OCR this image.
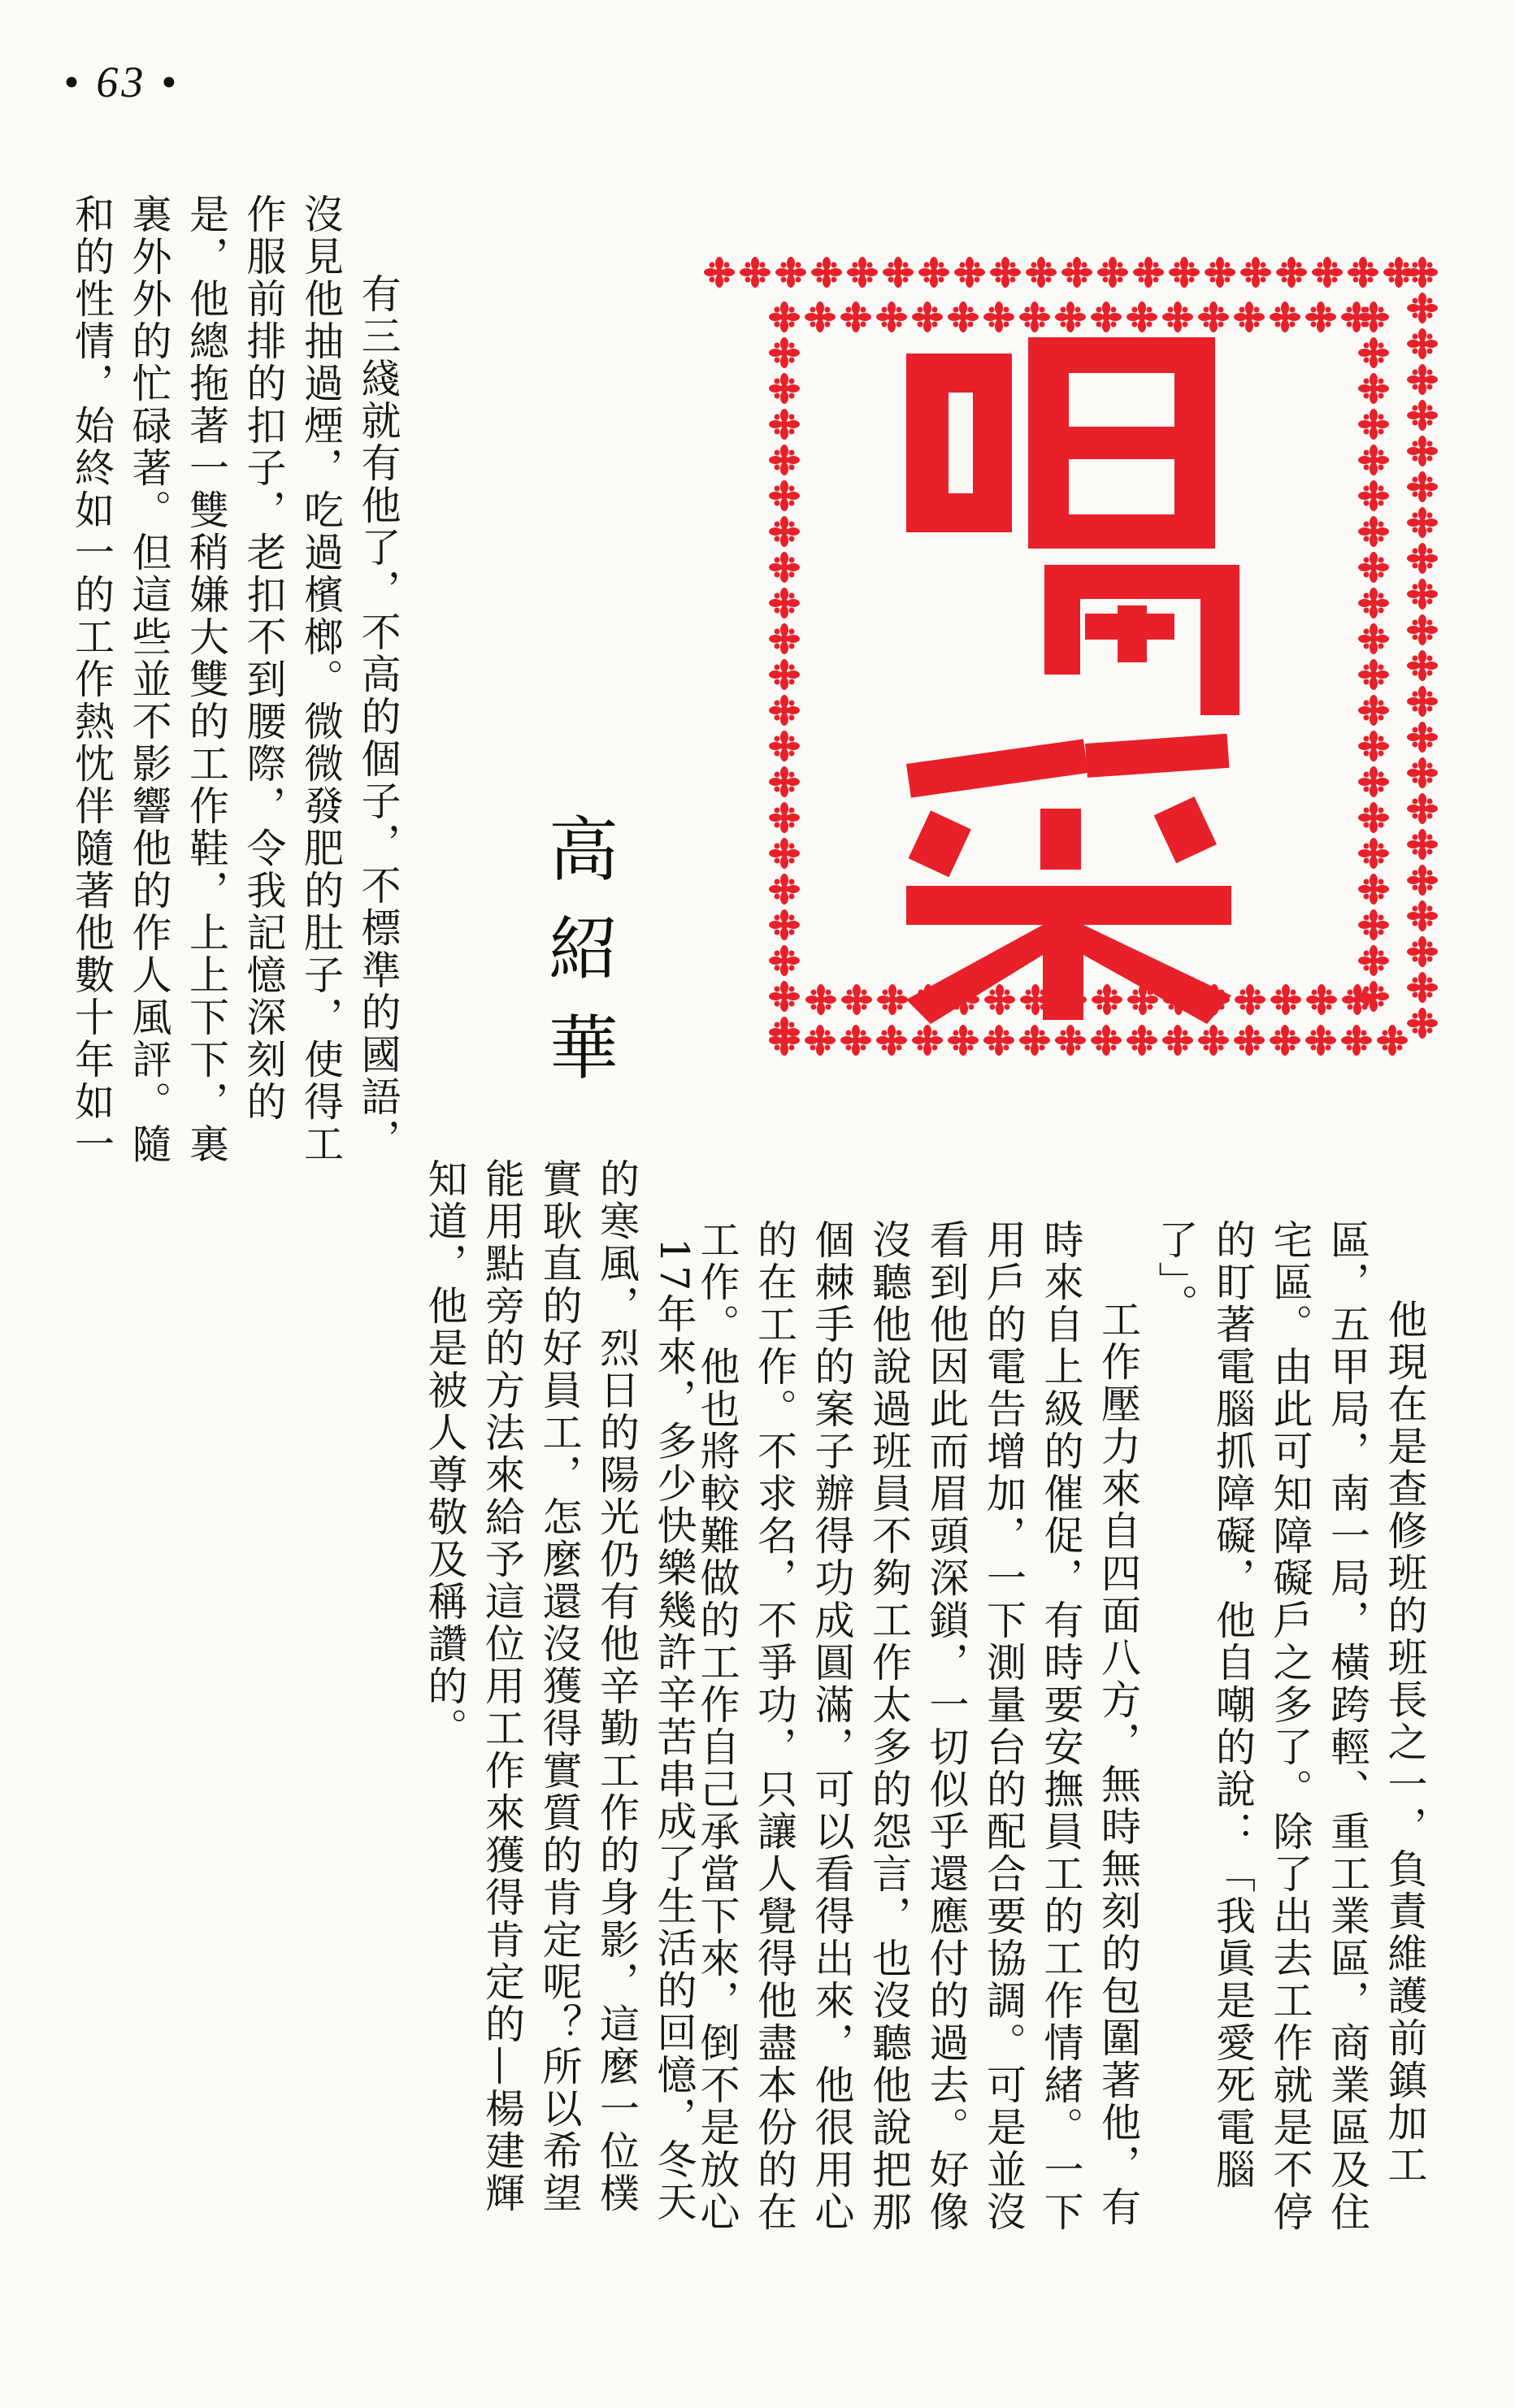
• 63 •
高紹華

有三綫就有他了，不高的個子，不標準的國語，沒見他抽過煙，吃過檳榔。微微發肥的肚子，使得工作服前排的扣子，老扣不到腰際，令我記憶深刻的是，他總拖著一雙稍嫌大雙的工作鞋，上上下下，裏裏外外的忙碌著。但這些並不影響他的作人風評。隨和的性情，始終如一的工作熱忱伴隨著他數十年如一

他現在是查修班的班長之一，負責維護前鎮加工區，五甲局，南一局，橫跨輕、重工業區，商業區及住宅區。由此可知障礙戶之多了。除了出去工作就是不停的盯著電腦抓障礙，他自嘲的說：「我眞是愛死電腦了」。

工作壓力來自四面八方，無時無刻的包圍著他，有時來自上級的催促，有時要安撫員工的工作情緒。一下用戶的電告增加，一下測量台的配合要協調。可是並沒看到他因此而眉頭深鎖，一切似乎還應付的過去。好像沒聽他說過班員不夠工作太多的怨言，也沒聽他說把那個棘手的案子辦得功成圓滿，可以看得出來，他很用心的在工作。不求名，不爭功，只讓人覺得他盡本份的在工作。他也將較難做的工作自己承當下來，倒不是放心

17年來，多少快樂幾許辛苦串成了生活的回憶，冬天的寒風，烈日的陽光仍有他辛勤工作的身影，這麼一位樸實耿直的好員工，怎麼還沒獲得實質的肯定呢？所以希望能用點旁的方法來給予這位用工作來獲得肯定的—楊建輝知道，他是被人尊敬及稱讚的。
